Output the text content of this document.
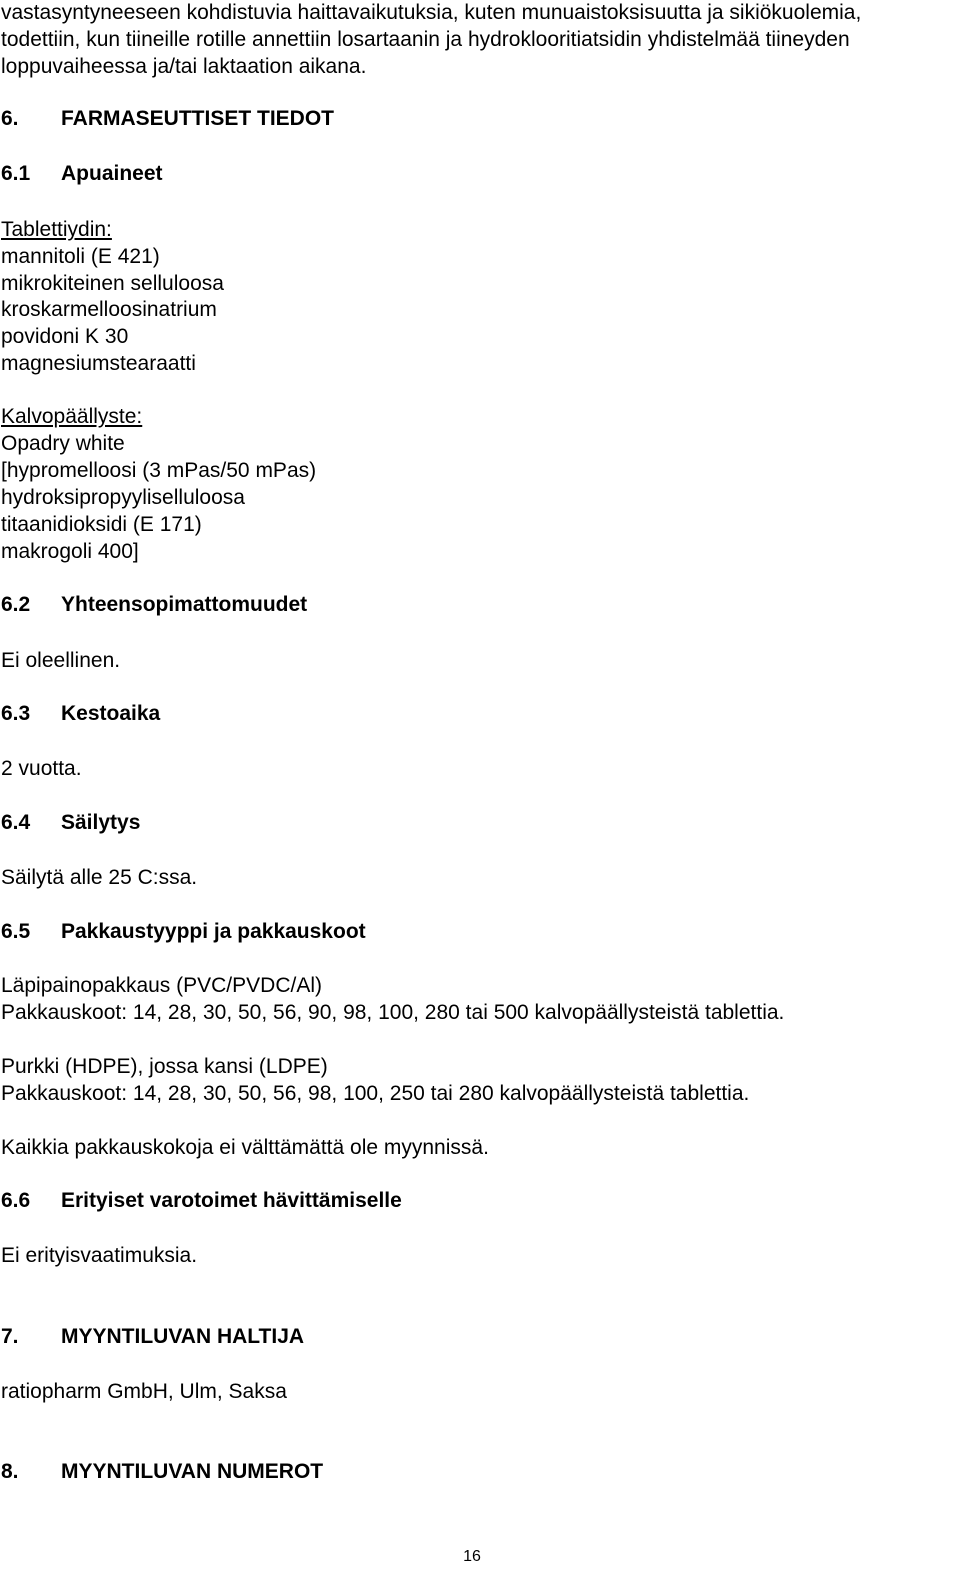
vastasyntyneeseen kohdistuvia haittavaikutuksia, kuten munuaistoksisuutta ja sikiökuolemia,
todettiin, kun tiineille rotille annettiin losartaanin ja hydroklooritiatsidin yhdistelmää tiineyden
loppuvaiheessa ja/tai laktaation aikana.
6. FARMASEUTTISET TIEDOT
6.1 Apuaineet
Tablettiydin:
mannitoli (E 421)
mikrokiteinen selluloosa
kroskarmelloosinatrium
povidoni K 30
magnesiumstearaatti
Kalvopäällyste:
Opadry white
[hypromelloosi (3 mPas/50 mPas)
hydroksipropyyliselluloosa
titaanidioksidi (E 171)
makrogoli 400]
6.2 Yhteensopimattomuudet
Ei oleellinen.
6.3 Kestoaika
2 vuotta.
6.4 Säilytys
Säilytä alle 25 C:ssa.
6.5 Pakkaustyyppi ja pakkauskoot
Läpipainopakkaus (PVC/PVDC/Al)
Pakkauskoot: 14, 28, 30, 50, 56, 90, 98, 100, 280 tai 500 kalvopäällysteistä tablettia.
Purkki (HDPE), jossa kansi (LDPE)
Pakkauskoot: 14, 28, 30, 50, 56, 98, 100, 250 tai 280 kalvopäällysteistä tablettia.
Kaikkia pakkauskokoja ei välttämättä ole myynnissä.
6.6 Erityiset varotoimet hävittämiselle
Ei erityisvaatimuksia.
7. MYYNTILUVAN HALTIJA
ratiopharm GmbH, Ulm, Saksa
8. MYYNTILUVAN NUMEROT
16
